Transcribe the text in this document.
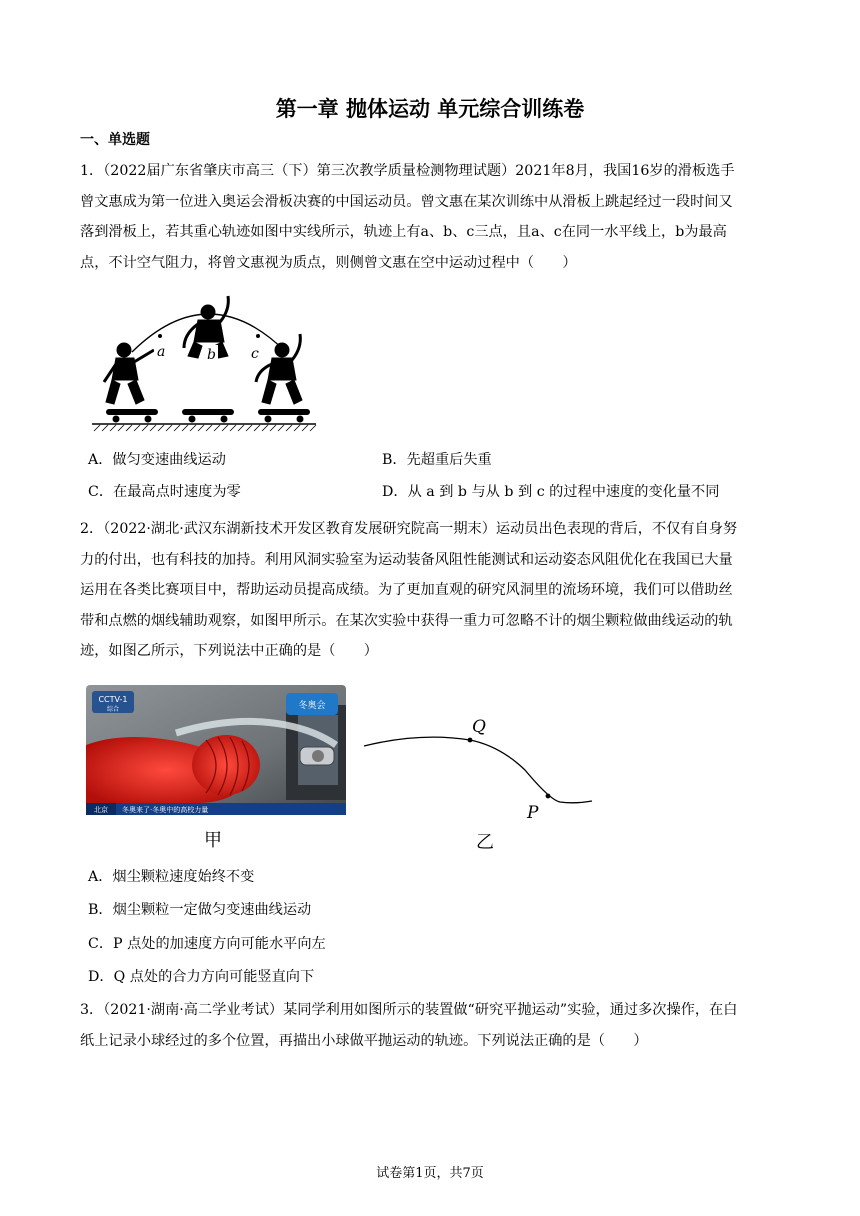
第一章 抛体运动 单元综合训练卷
一、单选题

1．（2022届广东省肇庆市高三（下）第三次教学质量检测物理试题）2021年8月，我国16岁的滑板选手

曾文惠成为第一位进入奥运会滑板决赛的中国运动员。曾文惠在某次训练中从滑板上跳起经过一段时间又

落到滑板上，若其重心轨迹如图中实线所示，轨迹上有a、b、c三点，且a、c在同一水平线上，b为最高

点，不计空气阻力，将曾文惠视为质点，则侧曾文惠在空中运动过程中（　　）

a	b	c
A．做匀变速曲线运动	B．先超重后失重
C．在最高点时速度为零	D．从 a 到 b 与从 b 到 c 的过程中速度的变化量不同

2．（2022·湖北·武汉东湖新技术开发区教育发展研究院高一期末）运动员出色表现的背后，不仅有自身努

力的付出，也有科技的加持。利用风洞实验室为运动装备风阻性能测试和运动姿态风阻优化在我国已大量

运用在各类比赛项目中，帮助运动员提高成绩。为了更加直观的研究风洞里的流场环境，我们可以借助丝

带和点燃的烟线辅助观察，如图甲所示。在某次实验中获得一重力可忽略不计的烟尘颗粒做曲线运动的轨

迹，如图乙所示，下列说法中正确的是（　　）

CCTV-1
综合	冬奥会
北京 冬奥来了·冬奥中的高校力量
Q
P
甲	乙
A．烟尘颗粒速度始终不变
B．烟尘颗粒一定做匀变速曲线运动
C．P 点处的加速度方向可能水平向左
D．Q 点处的合力方向可能竖直向下

3．（2021·湖南·高二学业考试）某同学利用如图所示的装置做“研究平抛运动”实验，通过多次操作，在白

纸上记录小球经过的多个位置，再描出小球做平抛运动的轨迹。下列说法正确的是（　　）

试卷第1页，共7页
